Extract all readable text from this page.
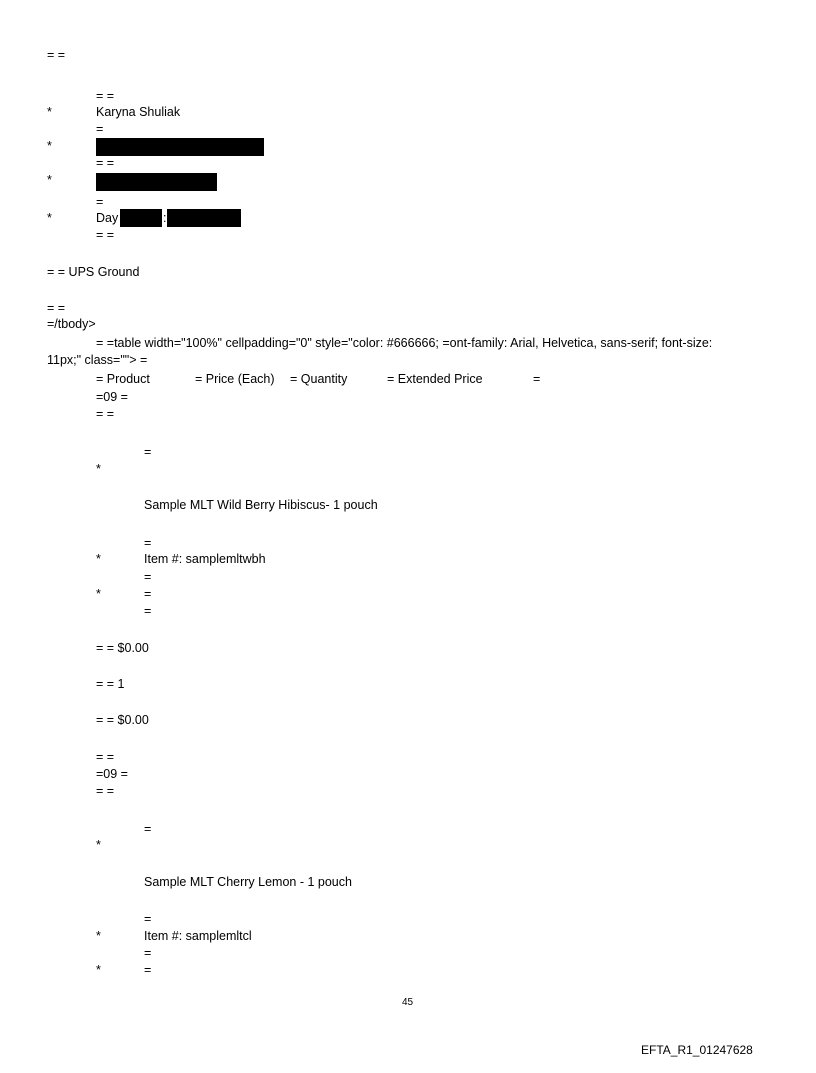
= =
= =
*	Karyna Shuliak
=
*
= =
*
=
*	Day	:
= =
= = UPS Ground
= =
=/tbody>
= =table width="100%" cellpadding="0" style="color: #666666; =ont-family: Arial, Helvetica, sans-serif; font-size:
11px;" class=""> =
= Product	= Price (Each) = Quantity	= Extended Price	=
=09 =
= =
=
*
Sample MLT Wild Berry Hibiscus- 1 pouch
=
*	Item #: samplemltwbh
=
*	=
=
= = $0.00
= = 1
= = $0.00
= =
=09 =
= =
=
*
Sample MLT Cherry Lemon - 1 pouch
=
*	Item #: samplemltcl
=
*	=
45
EFTA_R1_01247628
